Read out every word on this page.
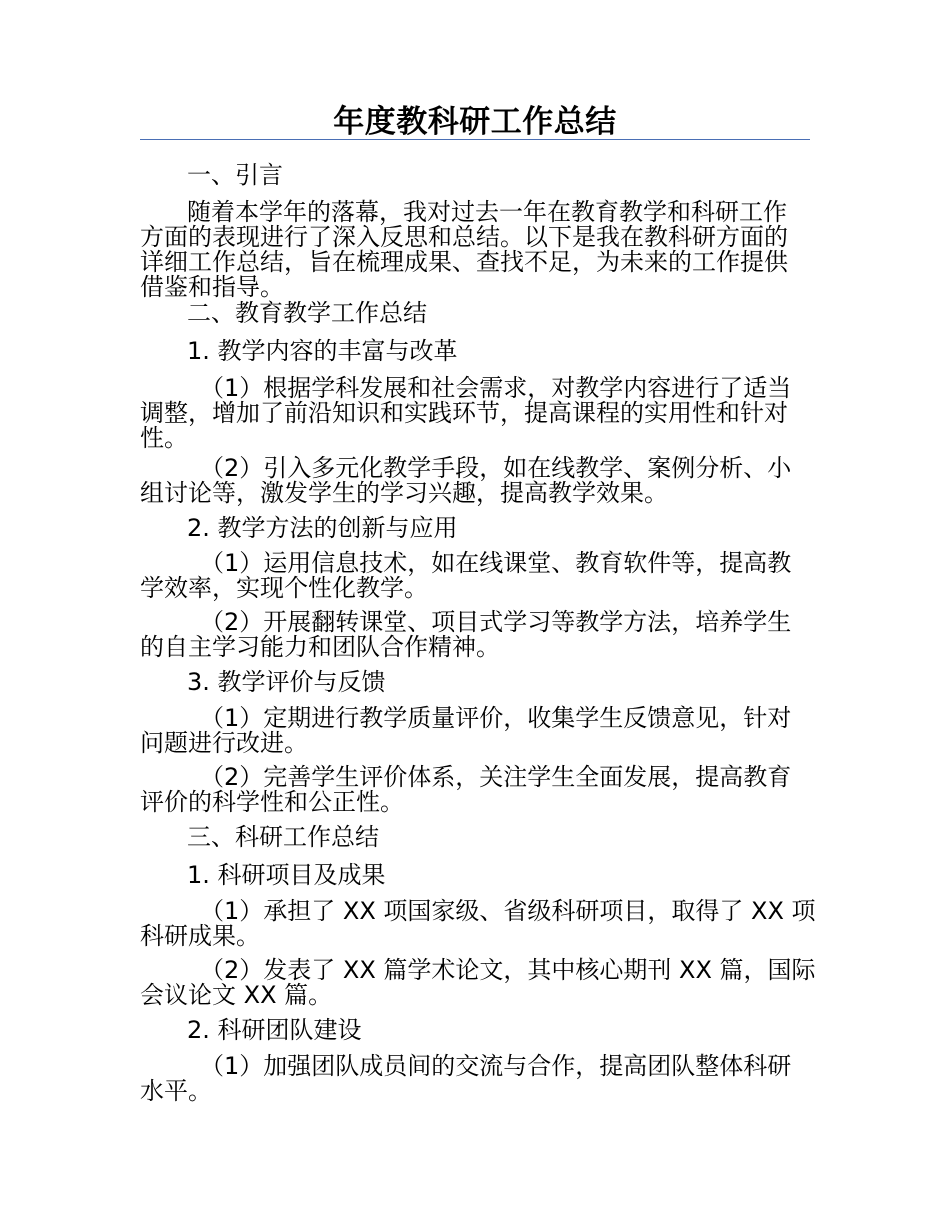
年度教科研工作总结
一、引言
随着本学年的落幕，我对过去一年在教育教学和科研工作
方面的表现进行了深入反思和总结。以下是我在教科研方面的
详细工作总结，旨在梳理成果、查找不足，为未来的工作提供
借鉴和指导。
二、教育教学工作总结
1. 教学内容的丰富与改革
（1）根据学科发展和社会需求，对教学内容进行了适当
调整，增加了前沿知识和实践环节，提高课程的实用性和针对
性。
（2）引入多元化教学手段，如在线教学、案例分析、小
组讨论等，激发学生的学习兴趣，提高教学效果。
2. 教学方法的创新与应用
（1）运用信息技术，如在线课堂、教育软件等，提高教
学效率，实现个性化教学。
（2）开展翻转课堂、项目式学习等教学方法，培养学生
的自主学习能力和团队合作精神。
3. 教学评价与反馈
（1）定期进行教学质量评价，收集学生反馈意见，针对
问题进行改进。
（2）完善学生评价体系，关注学生全面发展，提高教育
评价的科学性和公正性。
三、科研工作总结
1. 科研项目及成果
（1）承担了 XX 项国家级、省级科研项目，取得了 XX 项
科研成果。
（2）发表了 XX 篇学术论文，其中核心期刊 XX 篇，国际
会议论文 XX 篇。
2. 科研团队建设
（1）加强团队成员间的交流与合作，提高团队整体科研
水平。
